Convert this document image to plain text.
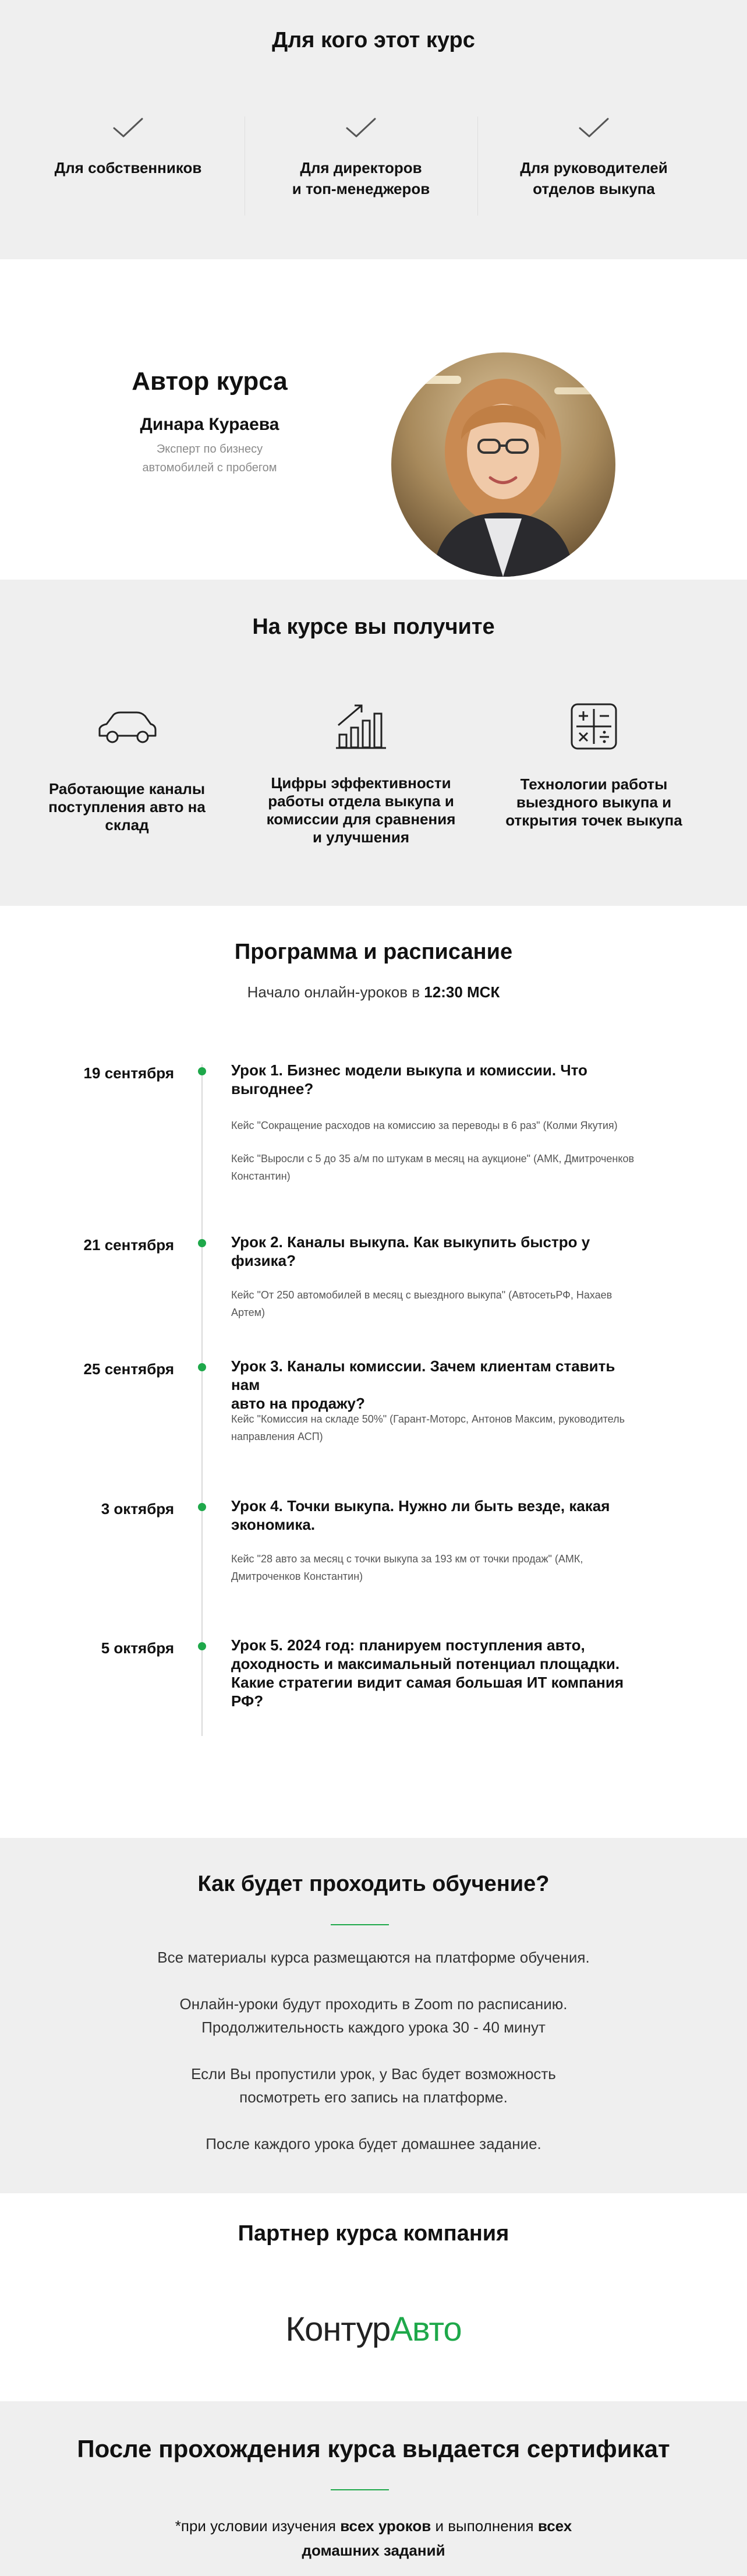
Для кого этот курс
Для собственников	Для директоров
и топ-менеджеров
Для руководителей
отделов выкупа
Автор курса
Динара Кураева
Эксперт по бизнесу
автомобилей с пробегом
На курсе вы получите
Работающие каналы
поступления авто на
склад
Цифры эффективности
работы отдела выкупа и
комиссии для сравнения
и улучшения
Технологии работы
выездного выкупа и
открытия точек выкупа
Программа и расписание
Начало онлайн-уроков в 12:30 МСК
19 сентября	Урок 1. Бизнес модели выкупа и комиссии. Что
выгоднее?
Кейс "Сокращение расходов на комиссию за переводы в 6 раз" (Колми Якутия)
Кейс "Выросли с 5 до 35 а/м по штукам в месяц на аукционе" (АМК, Дмитроченков
Константин)
21 сентября	Урок 2. Каналы выкупа. Как выкупить быстро у
физика?
Кейс "От 250 автомобилей в месяц с выездного выкупа" (АвтосетьРФ, Нахаев Артем)
25 сентября	Урок 3. Каналы комиссии. Зачем клиентам ставить нам
авто на продажу?
Кейс "Комиссия на складе 50%" (Гарант-Моторс, Антонов Максим, руководитель
направления АСП)
3 октября	Урок 4. Точки выкупа. Нужно ли быть везде, какая
экономика.
Кейс "28 авто за месяц с точки выкупа за 193 км от точки продаж" (АМК,
Дмитроченков Константин)
5 октября	Урок 5. 2024 год: планируем поступления авто,
доходность и максимальный потенциал площадки.
Какие стратегии видит самая большая ИТ компания
РФ?
Как будет проходить обучение?
Все материалы курса размещаются на платформе обучения.
Онлайн-уроки будут проходить в Zoom по расписанию.
Продолжительность каждого урока 30 - 40 минут
Если Вы пропустили урок, у Вас будет возможность
посмотреть его запись на платформе.
После каждого урока будет домашнее задание.
Партнер курса компания
КонтурАвто
После прохождения курса выдается сертификат
*при условии изучения всех уроков и выполнения всех
домашних заданий
